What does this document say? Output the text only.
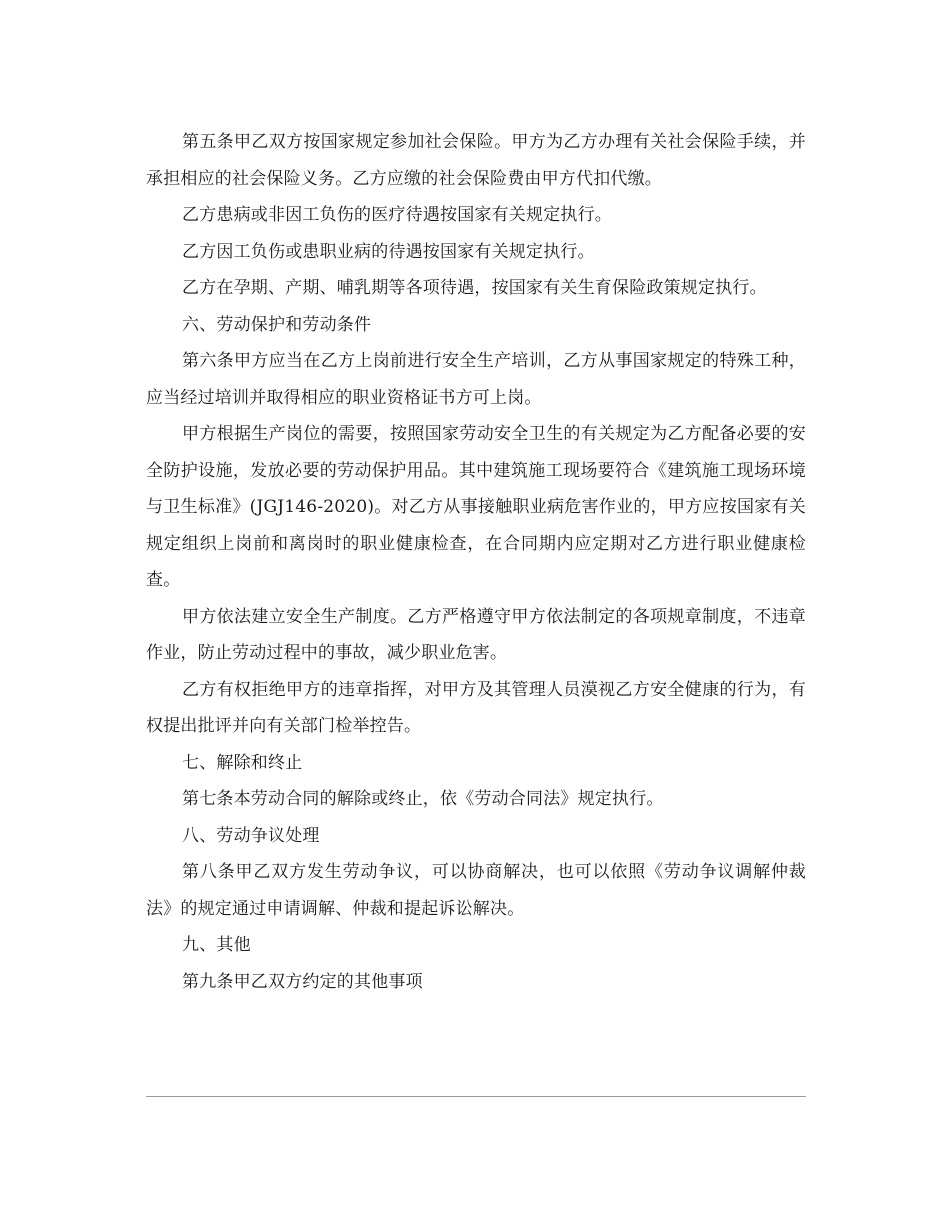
第五条甲乙双方按国家规定参加社会保险。甲方为乙方办理有关社会保险手续，并承担相应的社会保险义务。乙方应缴的社会保险费由甲方代扣代缴。

乙方患病或非因工负伤的医疗待遇按国家有关规定执行。

乙方因工负伤或患职业病的待遇按国家有关规定执行。

乙方在孕期、产期、哺乳期等各项待遇，按国家有关生育保险政策规定执行。

六、劳动保护和劳动条件

第六条甲方应当在乙方上岗前进行安全生产培训，乙方从事国家规定的特殊工种，应当经过培训并取得相应的职业资格证书方可上岗。

甲方根据生产岗位的需要，按照国家劳动安全卫生的有关规定为乙方配备必要的安全防护设施，发放必要的劳动保护用品。其中建筑施工现场要符合《建筑施工现场环境与卫生标准》(JGJ146-2020)。对乙方从事接触职业病危害作业的，甲方应按国家有关规定组织上岗前和离岗时的职业健康检查，在合同期内应定期对乙方进行职业健康检查。

甲方依法建立安全生产制度。乙方严格遵守甲方依法制定的各项规章制度，不违章作业，防止劳动过程中的事故，减少职业危害。

乙方有权拒绝甲方的违章指挥，对甲方及其管理人员漠视乙方安全健康的行为，有权提出批评并向有关部门检举控告。

七、解除和终止

第七条本劳动合同的解除或终止，依《劳动合同法》规定执行。

八、劳动争议处理

第八条甲乙双方发生劳动争议，可以协商解决，也可以依照《劳动争议调解仲裁法》的规定通过申请调解、仲裁和提起诉讼解决。

九、其他

第九条甲乙双方约定的其他事项
